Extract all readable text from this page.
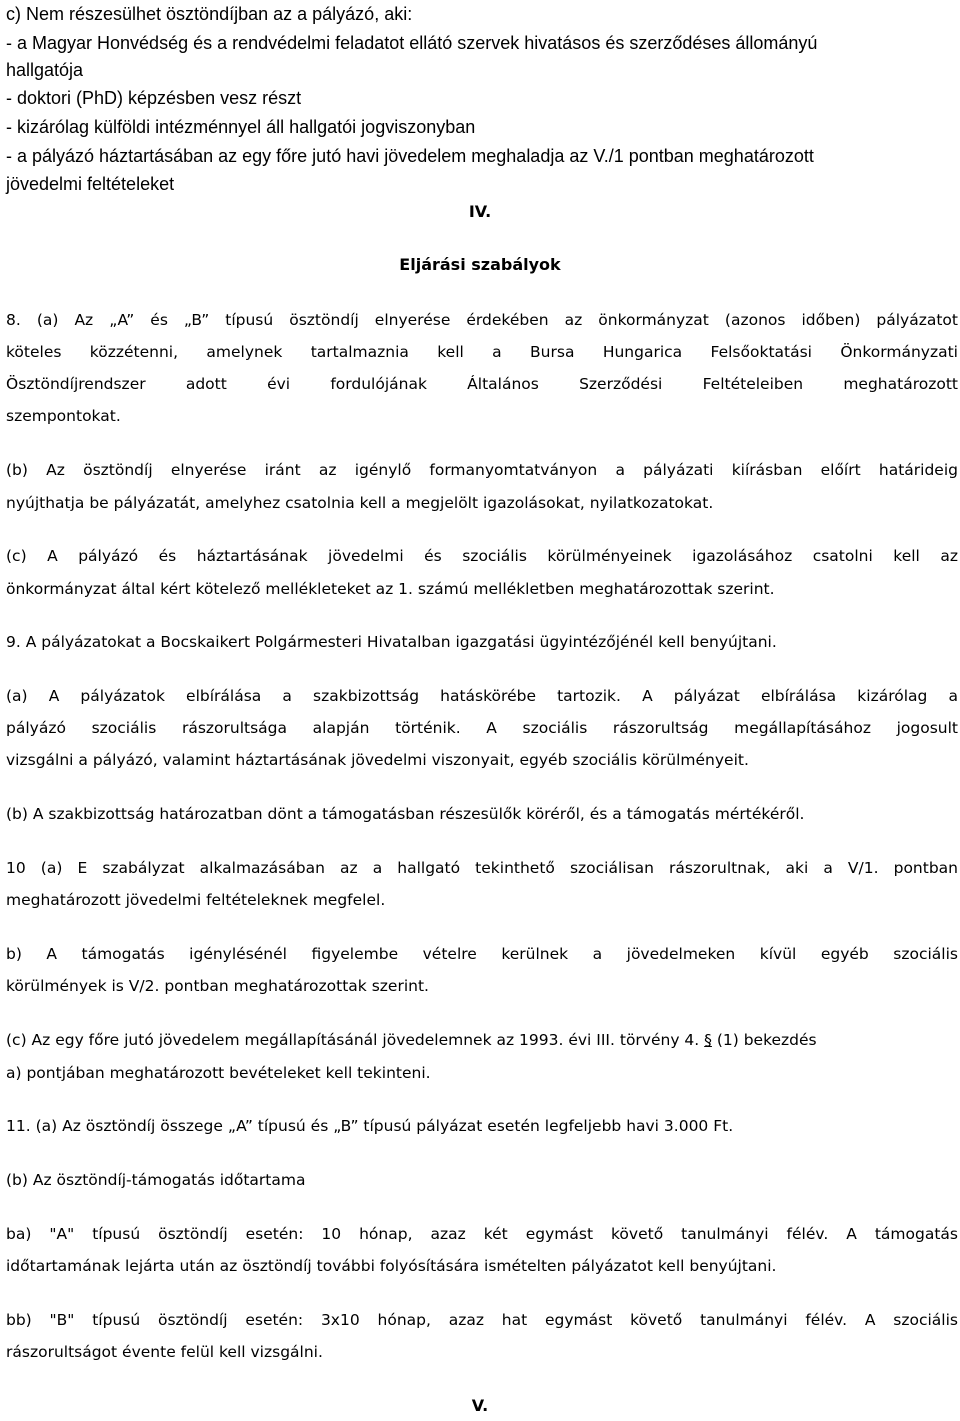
c) Nem részesülhet ösztöndíjban az a pályázó, aki:

- a Magyar Honvédség és a rendvédelmi feladatot ellátó szervek hivatásos és szerződéses állományú

hallgatója

- doktori (PhD) képzésben vesz részt

- kizárólag külföldi intézménnyel áll hallgatói jogviszonyban

- a pályázó háztartásában az egy főre jutó havi jövedelem meghaladja az V./1 pontban meghatározott

jövedelmi feltételeket

IV.

Eljárási szabályok

8. (a) Az „A” és „B” típusú ösztöndíj elnyerése érdekében az önkormányzat (azonos időben) pályázatot

köteles közzétenni, amelynek tartalmaznia kell a Bursa Hungarica Felsőoktatási Önkormányzati

Ösztöndíjrendszer adott évi fordulójának Általános Szerződési Feltételeiben meghatározott

szempontokat.

(b) Az ösztöndíj elnyerése iránt az igénylő formanyomtatványon a pályázati kiírásban előírt határideig

nyújthatja be pályázatát, amelyhez csatolnia kell a megjelölt igazolásokat, nyilatkozatokat.

(c) A pályázó és háztartásának jövedelmi és szociális körülményeinek igazolásához csatolni kell az

önkormányzat által kért kötelező mellékleteket az 1. számú mellékletben meghatározottak szerint.

9. A pályázatokat a Bocskaikert Polgármesteri Hivatalban igazgatási ügyintézőjénél kell benyújtani.

(a) A pályázatok elbírálása a szakbizottság hatáskörébe tartozik. A pályázat elbírálása kizárólag a

pályázó szociális rászorultsága alapján történik. A szociális rászorultság megállapításához jogosult

vizsgálni a pályázó, valamint háztartásának jövedelmi viszonyait, egyéb szociális körülményeit.

(b) A szakbizottság határozatban dönt a támogatásban részesülők köréről, és a támogatás mértékéről.

10 (a) E szabályzat alkalmazásában az a hallgató tekinthető szociálisan rászorultnak, aki a V/1. pontban

meghatározott jövedelmi feltételeknek megfelel.

b) A támogatás igénylésénél figyelembe vételre kerülnek a jövedelmeken kívül egyéb szociális

körülmények is V/2. pontban meghatározottak szerint.

(c) Az egy főre jutó jövedelem megállapításánál jövedelemnek az 1993. évi III. törvény 4. § (1) bekezdés

a) pontjában meghatározott bevételeket kell tekinteni.

11. (a) Az ösztöndíj összege „A” típusú és „B” típusú pályázat esetén legfeljebb havi 3.000 Ft.

(b) Az ösztöndíj-támogatás időtartama

ba) "A" típusú ösztöndíj esetén: 10 hónap, azaz két egymást követő tanulmányi félév. A támogatás

időtartamának lejárta után az ösztöndíj további folyósítására ismételten pályázatot kell benyújtani.

bb) "B" típusú ösztöndíj esetén: 3x10 hónap, azaz hat egymást követő tanulmányi félév. A szociális

rászorultságot évente felül kell vizsgálni.

V.
